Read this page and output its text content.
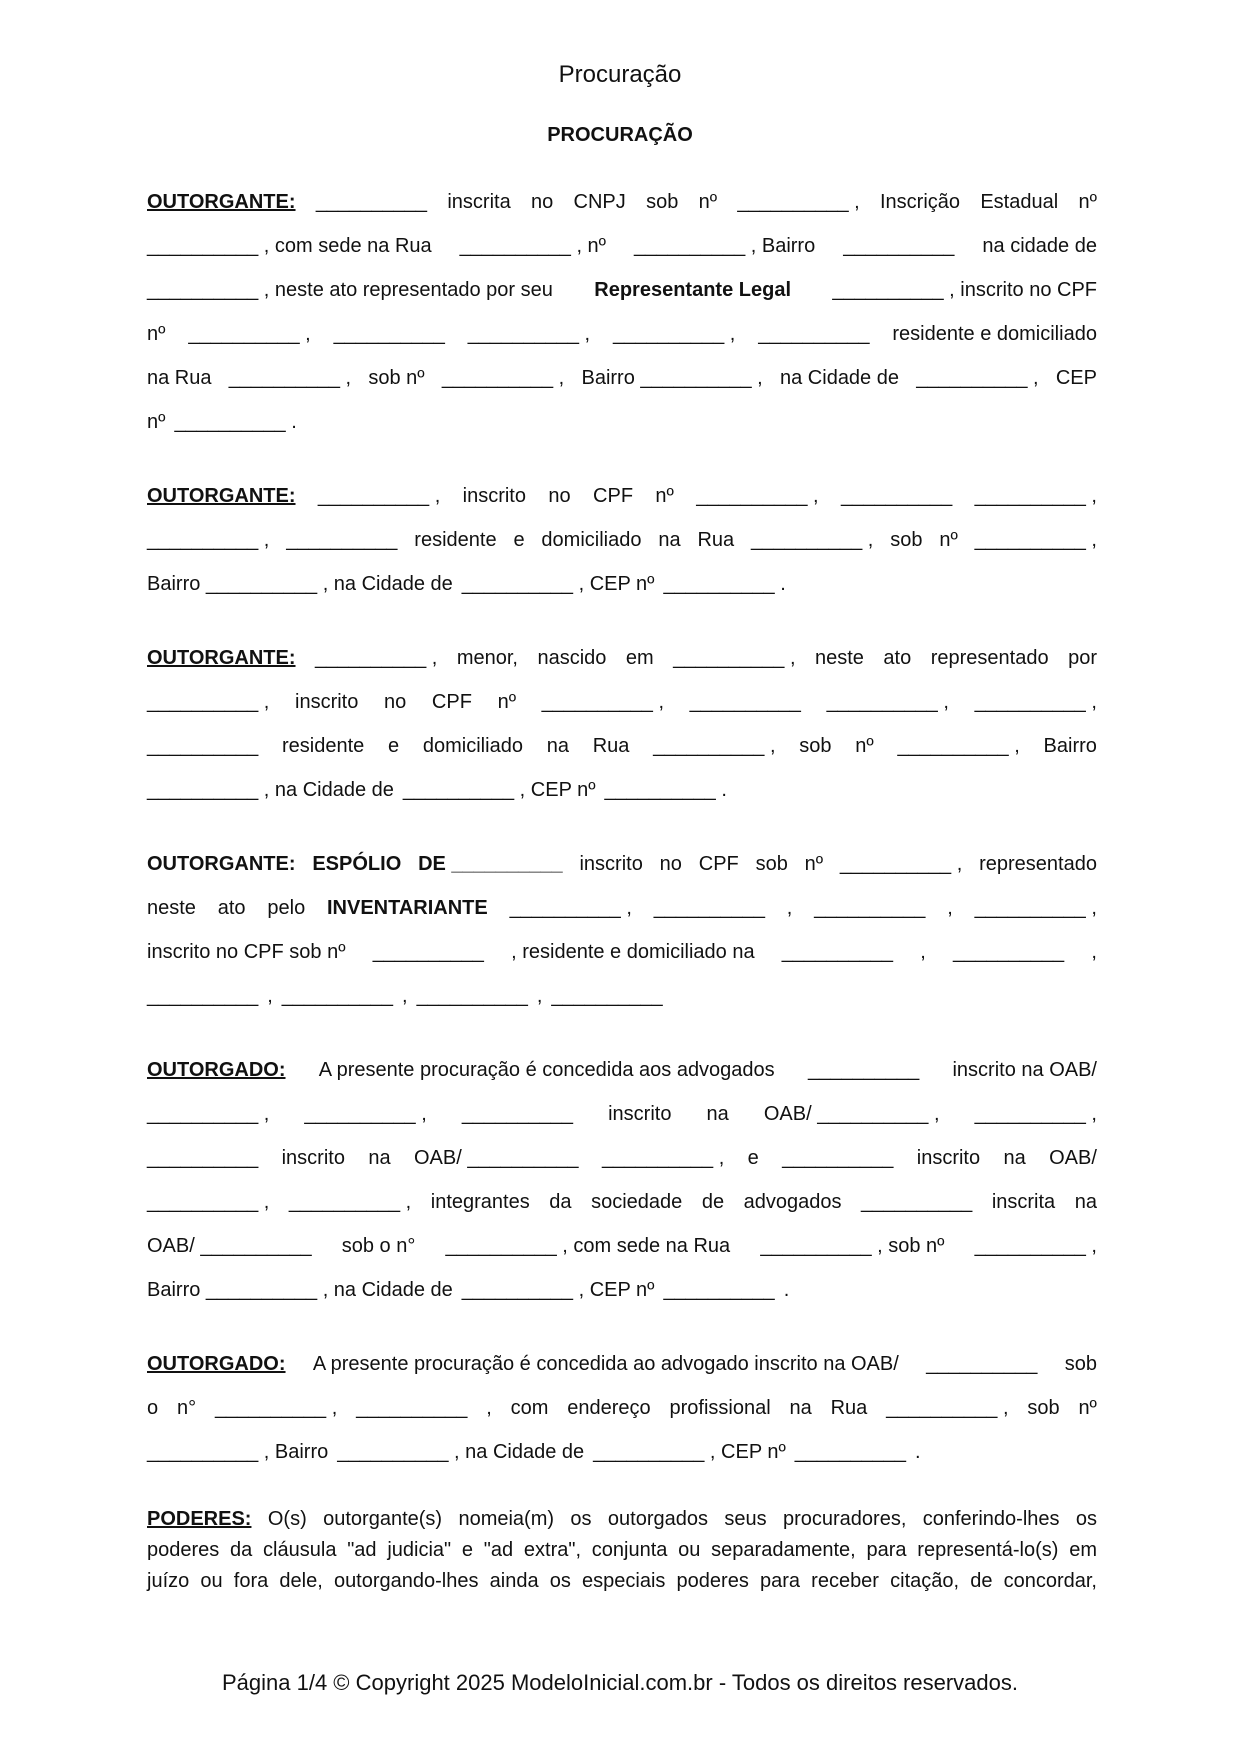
Procuração
PROCURAÇÃO
OUTORGANTE: __________ inscrita no CNPJ sob nº __________ , Inscrição Estadual nº
__________ , com sede na Rua __________ , nº __________ , Bairro __________ na cidade de
__________ , neste ato representado por seu Representante Legal __________ , inscrito no CPF
nº __________ , __________ __________ , __________ , __________ residente e domiciliado
na Rua __________ , sob nº __________ , Bairro __________ , na Cidade de __________ , CEP
nº __________ .
OUTORGANTE: __________ , inscrito no CPF nº __________ , __________ __________ ,
__________ , __________ residente e domiciliado na Rua __________ , sob nº __________ ,
Bairro __________ , na Cidade de __________ , CEP nº __________ .
OUTORGANTE: __________ , menor, nascido em __________ , neste ato representado por
__________ , inscrito no CPF nº __________ , __________ __________ , __________ ,
__________ residente e domiciliado na Rua __________ , sob nº __________ , Bairro
__________ , na Cidade de __________ , CEP nº __________ .
OUTORGANTE: ESPÓLIO DE __________ inscrito no CPF sob nº __________ , representado
neste ato pelo INVENTARIANTE __________ , __________ , __________ , __________ ,
inscrito no CPF sob nº __________ , residente e domiciliado na __________ , __________ ,
__________ , __________ , __________ , __________
OUTORGADO: A presente procuração é concedida aos advogados __________ inscrito na OAB/
__________ , __________ , __________ inscrito na OAB/ __________ , __________ ,
__________ inscrito na OAB/ __________ __________ , e __________ inscrito na OAB/
__________ , __________ , integrantes da sociedade de advogados __________ inscrita na
OAB/ __________ sob o n° __________ , com sede na Rua __________ , sob nº __________ ,
Bairro __________ , na Cidade de __________ , CEP nº __________ .
OUTORGADO: A presente procuração é concedida ao advogado inscrito na OAB/ __________ sob
o n° __________ , __________ , com endereço profissional na Rua __________ , sob nº
__________ , Bairro __________ , na Cidade de __________ , CEP nº __________ .
PODERES: O(s) outorgante(s) nomeia(m) os outorgados seus procuradores, conferindo-lhes os
poderes da cláusula "ad judicia" e "ad extra", conjunta ou separadamente, para representá-lo(s) em
juízo ou fora dele, outorgando-lhes ainda os especiais poderes para receber citação, de concordar,
Página 1/4 © Copyright 2025 ModeloInicial.com.br - Todos os direitos reservados.
